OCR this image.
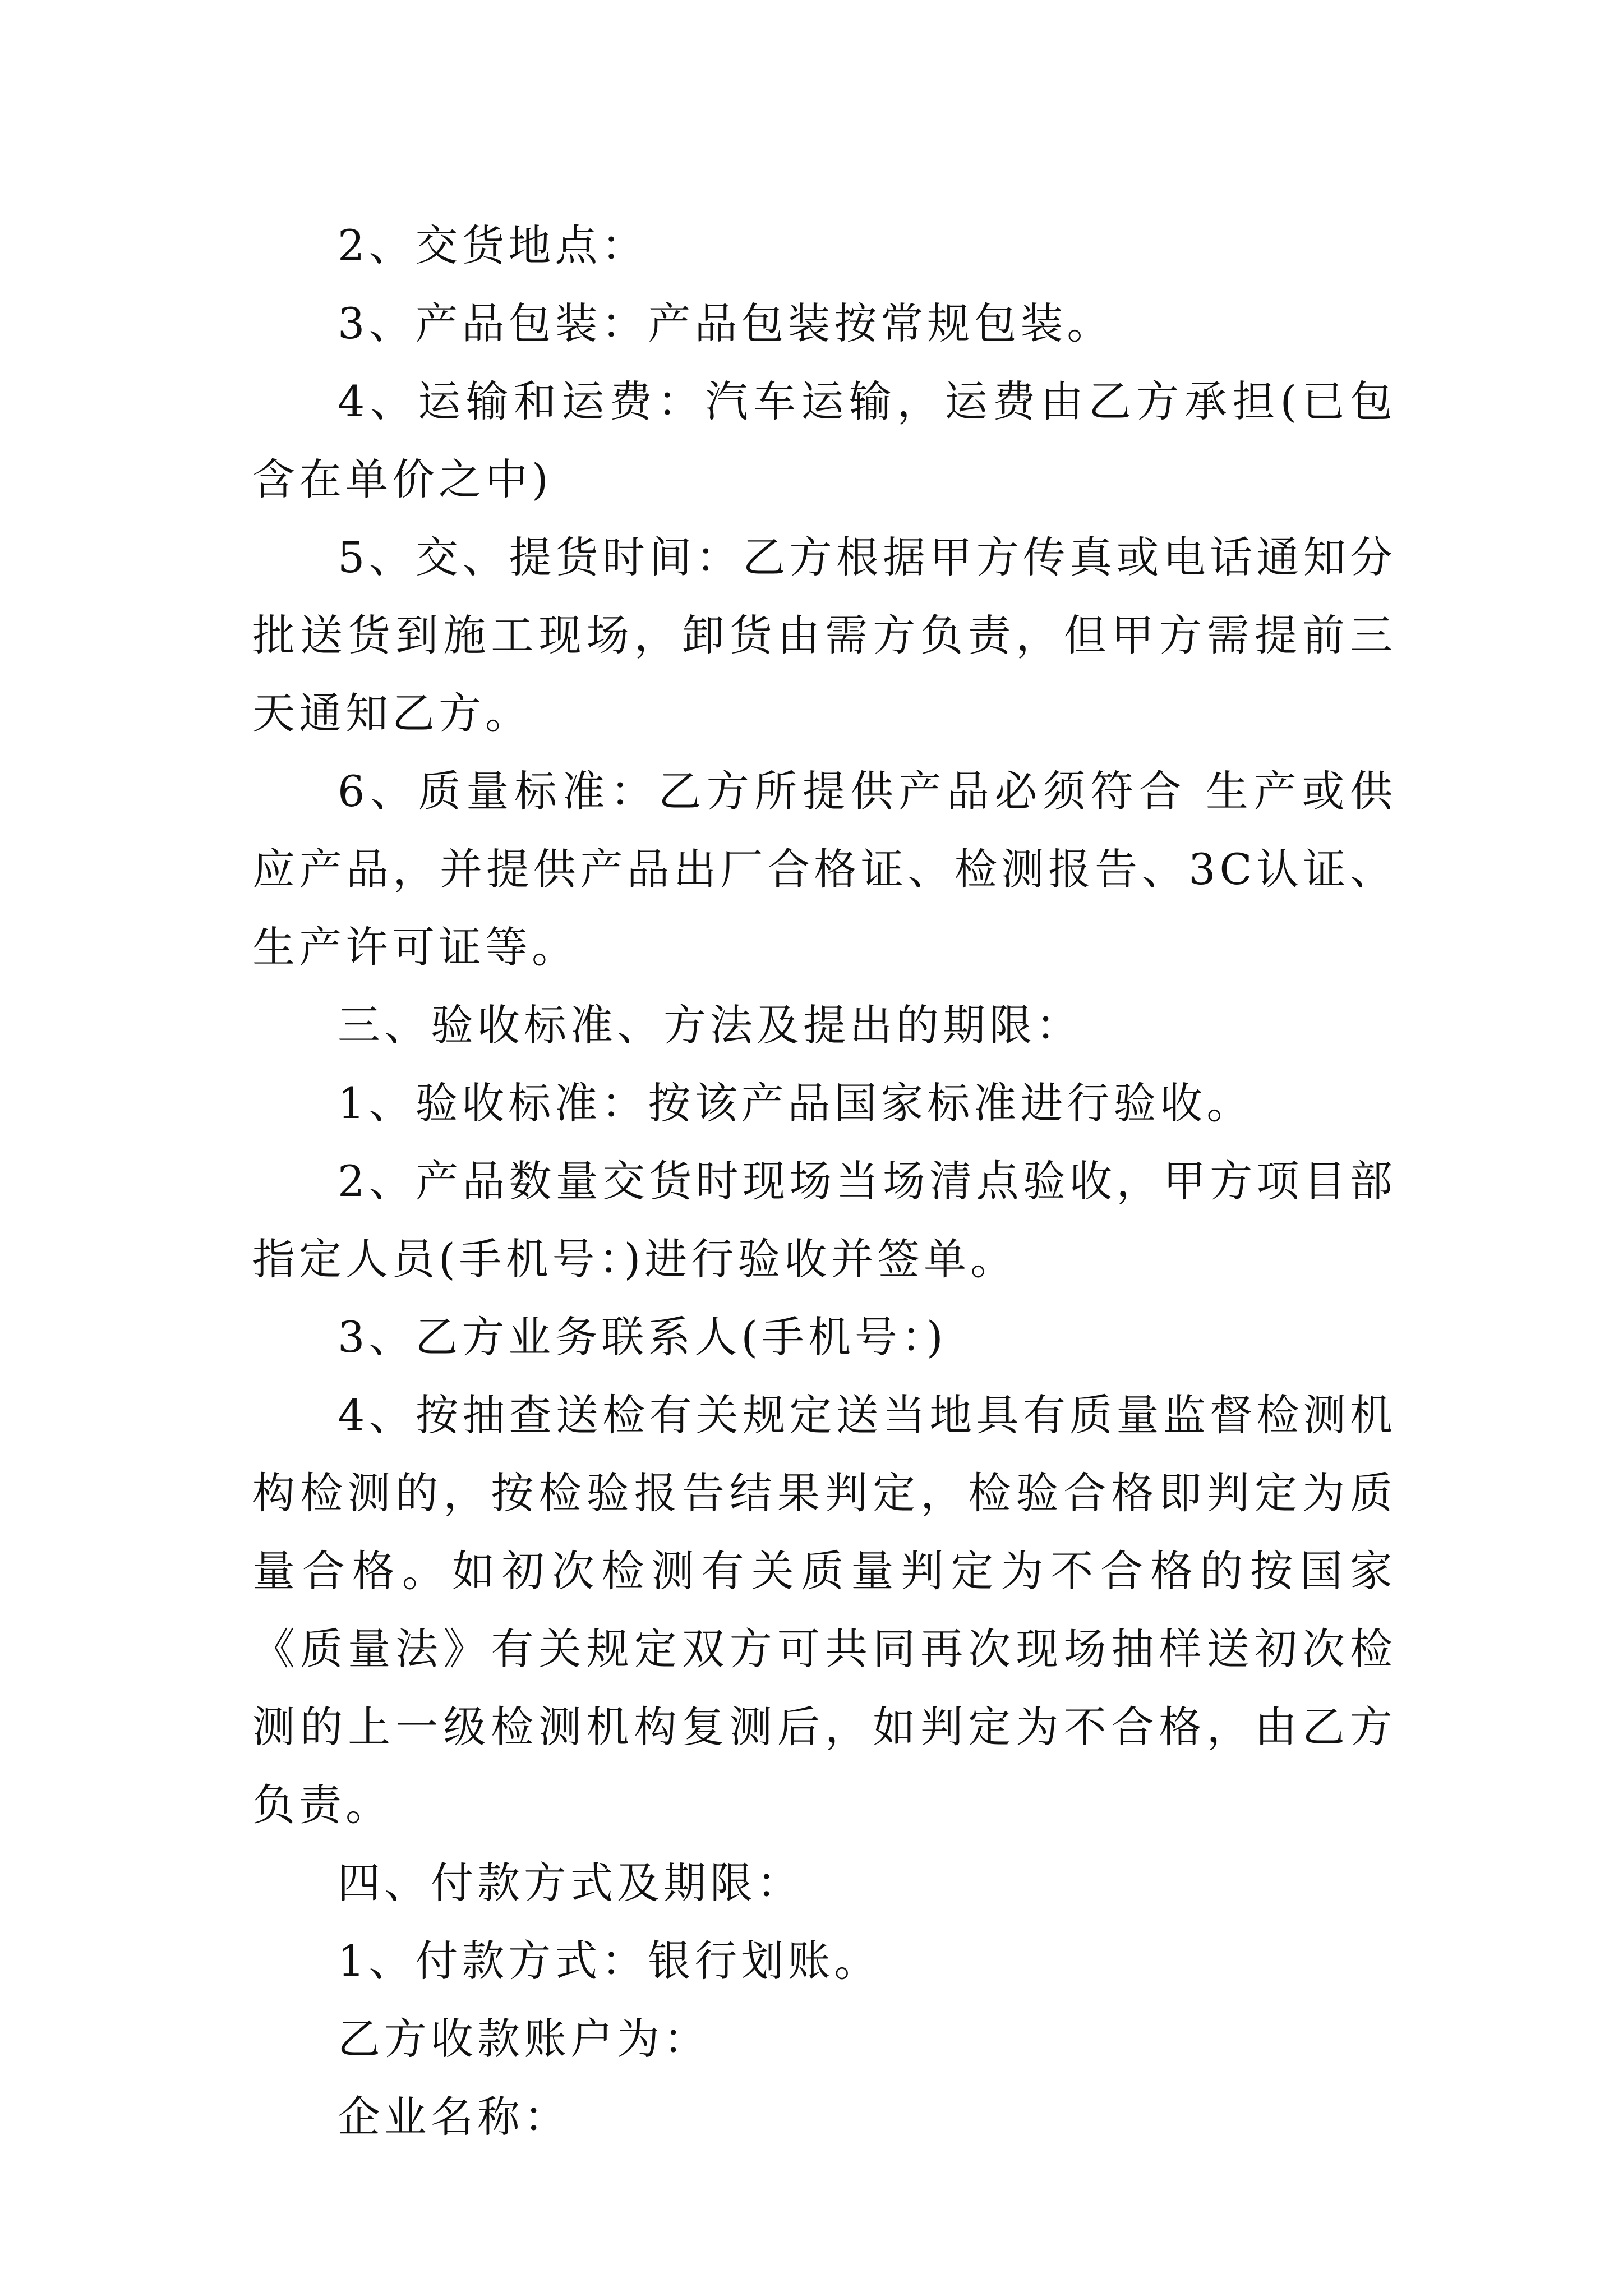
2、交货地点：

3、产品包装：产品包装按常规包装。

4、运输和运费：汽车运输，运费由乙方承担(已包含在单价之中)

5、交、提货时间：乙方根据甲方传真或电话通知分批送货到施工现场，卸货由需方负责，但甲方需提前三天通知乙方。

6、质量标准：乙方所提供产品必须符合 生产或供应产品，并提供产品出厂合格证、检测报告、3C认证、生产许可证等。

三、验收标准、方法及提出的期限：

1、验收标准：按该产品国家标准进行验收。

2、产品数量交货时现场当场清点验收，甲方项目部指定人员(手机号：)进行验收并签单。

3、乙方业务联系人(手机号：)

4、按抽查送检有关规定送当地具有质量监督检测机构检测的，按检验报告结果判定，检验合格即判定为质量合格。如初次检测有关质量判定为不合格的按国家《质量法》有关规定双方可共同再次现场抽样送初次检测的上一级检测机构复测后，如判定为不合格，由乙方负责。

四、付款方式及期限：

1、付款方式：银行划账。

乙方收款账户为：

企业名称：
